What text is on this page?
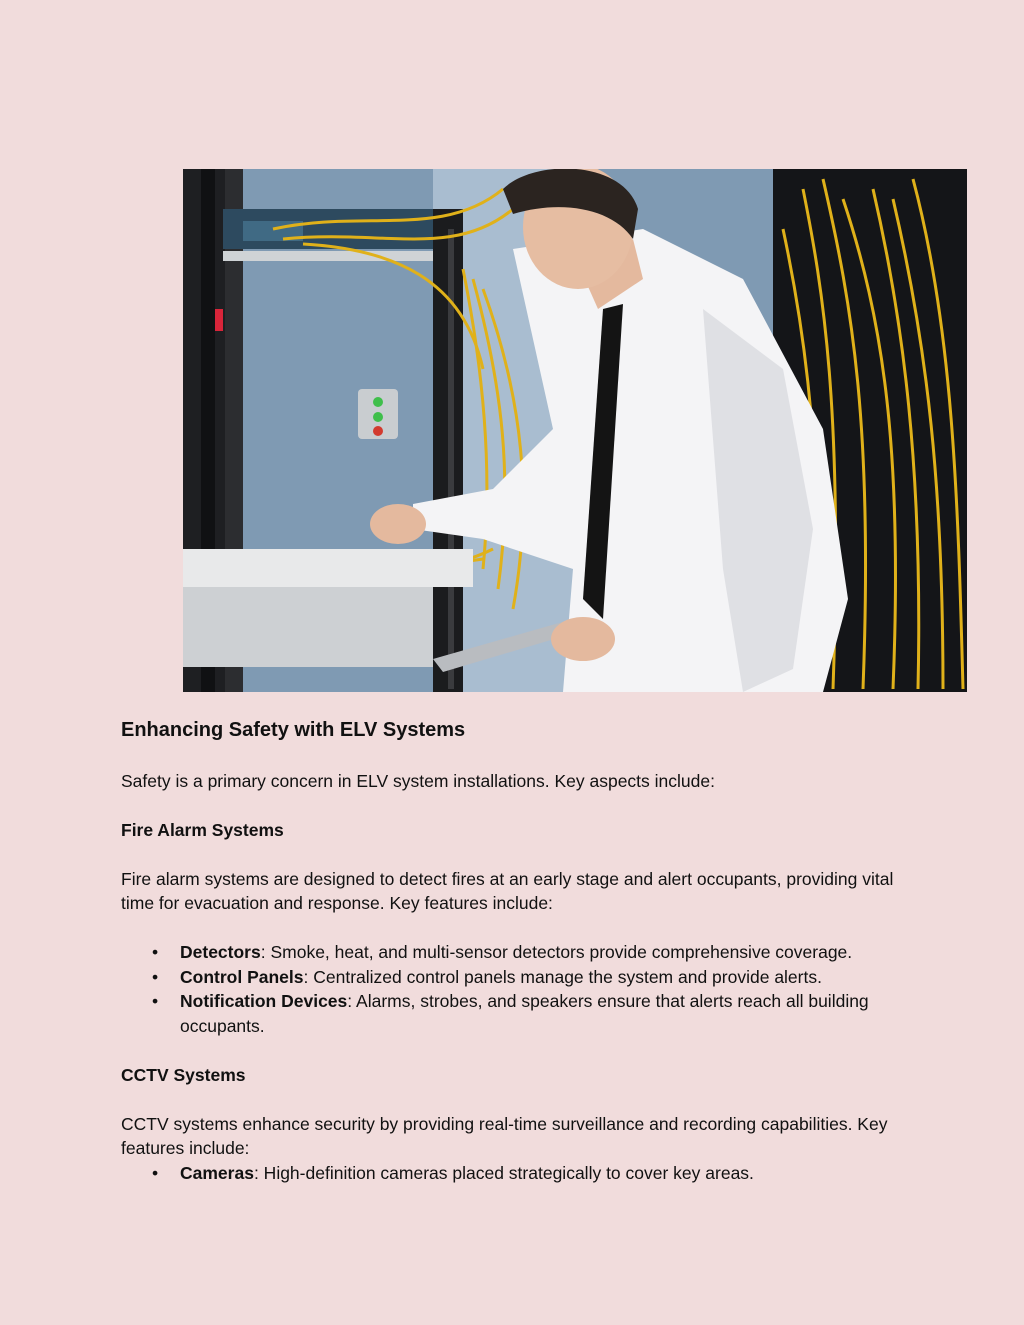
Enhancing Safety with ELV Systems

Safety is a primary concern in ELV system installations. Key aspects include:

Fire Alarm Systems

Fire alarm systems are designed to detect fires at an early stage and alert occupants, providing vital time for evacuation and response. Key features include:

• Detectors: Smoke, heat, and multi-sensor detectors provide comprehensive coverage.
• Control Panels: Centralized control panels manage the system and provide alerts.
• Notification Devices: Alarms, strobes, and speakers ensure that alerts reach all building occupants.

CCTV Systems

CCTV systems enhance security by providing real-time surveillance and recording capabilities. Key features include:

• Cameras: High-definition cameras placed strategically to cover key areas.
